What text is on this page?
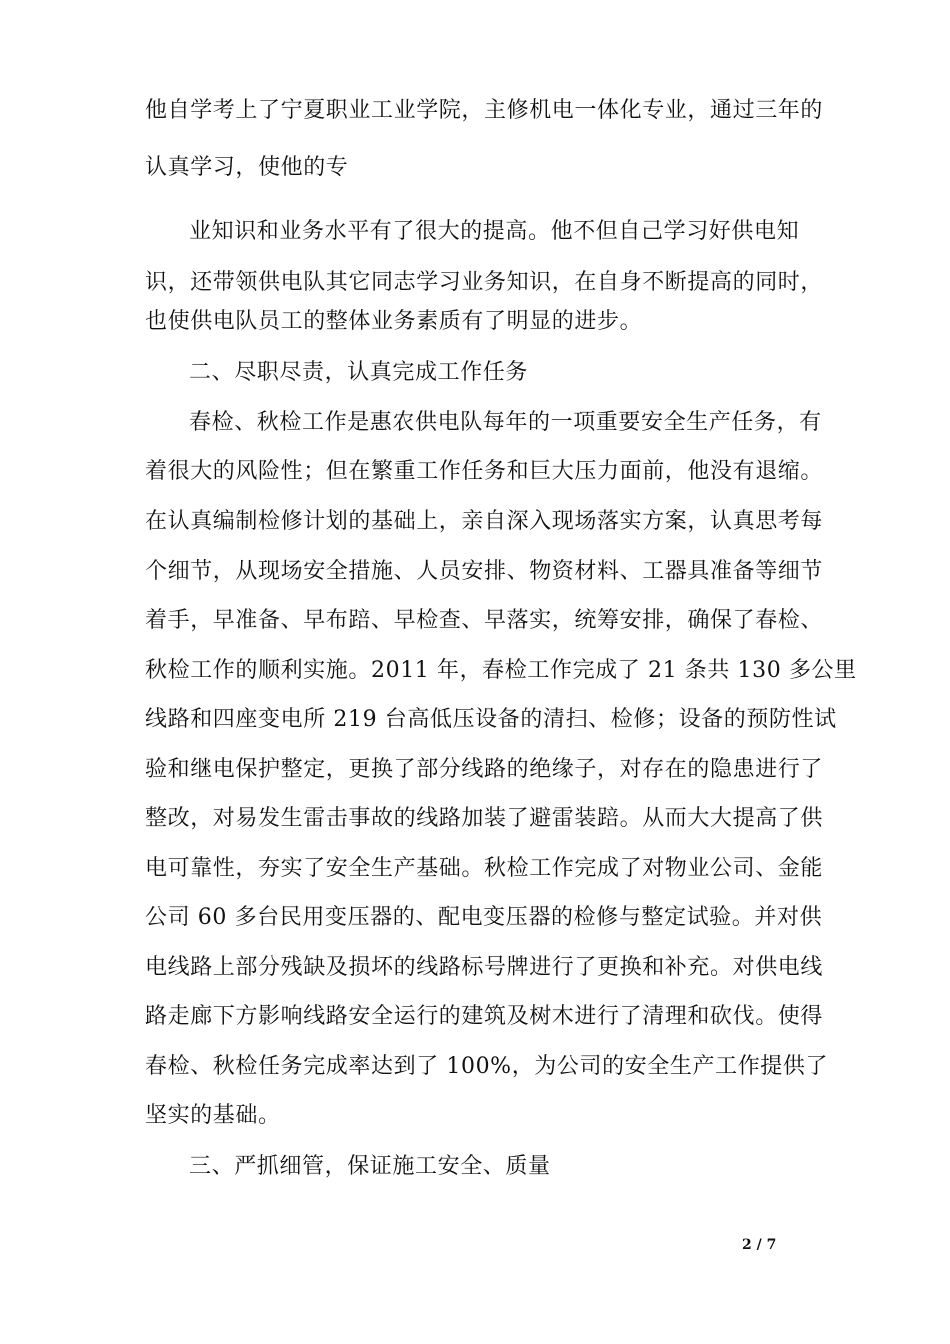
他自学考上了宁夏职业工业学院，主修机电一体化专业，通过三年的
认真学习，使他的专
业知识和业务水平有了很大的提高。他不但自己学习好供电知
识，还带领供电队其它同志学习业务知识，在自身不断提高的同时，
也使供电队员工的整体业务素质有了明显的进步。
二、尽职尽责，认真完成工作任务
春检、秋检工作是惠农供电队每年的一项重要安全生产任务，有
着很大的风险性；但在繁重工作任务和巨大压力面前，他没有退缩。
在认真编制检修计划的基础上，亲自深入现场落实方案，认真思考每
个细节，从现场安全措施、人员安排、物资材料、工器具准备等细节
着手，早准备、早布踣、早检查、早落实，统筹安排，确保了春检、
秋检工作的顺利实施。2011 年，春检工作完成了 21 条共 130 多公里
线路和四座变电所 219 台高低压设备的清扫、检修；设备的预防性试
验和继电保护整定，更换了部分线路的绝缘子，对存在的隐患进行了
整改，对易发生雷击事故的线路加装了避雷装踣。从而大大提高了供
电可靠性，夯实了安全生产基础。秋检工作完成了对物业公司、金能
公司 60 多台民用变压器的、配电变压器的检修与整定试验。并对供
电线路上部分残缺及损坏的线路标号牌进行了更换和补充。对供电线
路走廊下方影响线路安全运行的建筑及树木进行了清理和砍伐。使得
春检、秋检任务完成率达到了 100%，为公司的安全生产工作提供了
坚实的基础。
三、严抓细管，保证施工安全、质量
2 / 7
